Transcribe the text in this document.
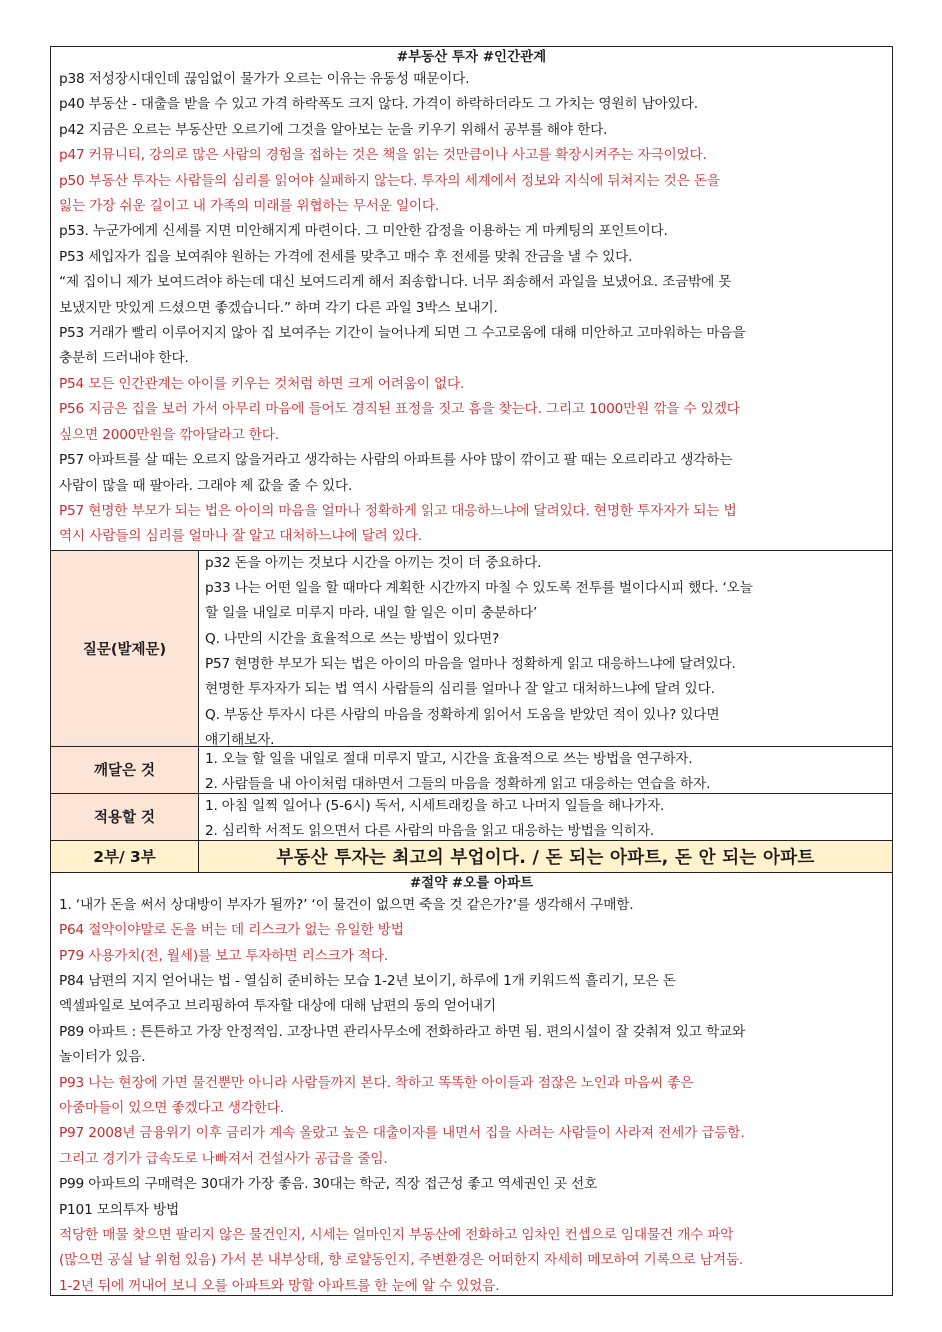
#부동산 투자 #인간관계
p38 저성장시대인데 끊임없이 물가가 오르는 이유는 유동성 때문이다.
p40 부동산 - 대출을 받을 수 있고 가격 하락폭도 크지 않다. 가격이 하락하더라도 그 가치는 영원히 남아있다.
p42 지금은 오르는 부동산만 오르기에 그것을 알아보는 눈을 키우기 위해서 공부를 해야 한다.
p47 커뮤니티, 강의로 많은 사람의 경험을 접하는 것은 책을 읽는 것만큼이나 사고를 확장시켜주는 자극이었다.
p50 부동산 투자는 사람들의 심리를 읽어야 실패하지 않는다. 투자의 세계에서 정보와 지식에 뒤쳐지는 것은 돈을
잃는 가장 쉬운 길이고 내 가족의 미래를 위협하는 무서운 일이다.
p53. 누군가에게 신세를 지면 미안해지게 마련이다. 그 미안한 감정을 이용하는 게 마케팅의 포인트이다.
P53 세입자가 집을 보여줘야 원하는 가격에 전세를 맞추고 매수 후 전세를 맞춰 잔금을 낼 수 있다.
“제 집이니 제가 보여드려야 하는데 대신 보여드리게 해서 죄송합니다. 너무 죄송해서 과일을 보냈어요. 조금밖에 못
보냈지만 맛있게 드셨으면 좋겠습니다.” 하며 각기 다른 과일 3박스 보내기.
P53 거래가 빨리 이루어지지 않아 집 보여주는 기간이 늘어나게 되면 그 수고로움에 대해 미안하고 고마워하는 마음을
충분히 드러내야 한다.
P54 모든 인간관계는 아이를 키우는 것처럼 하면 크게 어려움이 없다.
P56 지금은 집을 보러 가서 아무리 마음에 들어도 경직된 표정을 짓고 흠을 찾는다. 그리고 1000만원 깎을 수 있겠다
싶으면 2000만원을 깎아달라고 한다.
P57 아파트를 살 때는 오르지 않을거라고 생각하는 사람의 아파트를 사야 많이 깎이고 팔 때는 오르리라고 생각하는
사람이 많을 때 팔아라. 그래야 제 값을 줄 수 있다.
P57 현명한 부모가 되는 법은 아이의 마음을 얼마나 정확하게 읽고 대응하느냐에 달려있다. 현명한 투자자가 되는 법
역시 사람들의 심리를 얼마나 잘 알고 대처하느냐에 달려 있다.
질문(발제문)
p32 돈을 아끼는 것보다 시간을 아끼는 것이 더 중요하다.
p33 나는 어떤 일을 할 때마다 계획한 시간까지 마칠 수 있도록 전투를 벌이다시피 했다. ‘오늘
할 일을 내일로 미루지 마라. 내일 할 일은 이미 충분하다’
Q. 나만의 시간을 효율적으로 쓰는 방법이 있다면?
P57 현명한 부모가 되는 법은 아이의 마음을 얼마나 정확하게 읽고 대응하느냐에 달려있다.
현명한 투자자가 되는 법 역시 사람들의 심리를 얼마나 잘 알고 대처하느냐에 달려 있다.
Q. 부동산 투자시 다른 사람의 마음을 정확하게 읽어서 도움을 받았던 적이 있나? 있다면
얘기해보자.
깨달은 것
1. 오늘 할 일을 내일로 절대 미루지 말고, 시간을 효율적으로 쓰는 방법을 연구하자.
2. 사람들을 내 아이처럼 대하면서 그들의 마음을 정확하게 읽고 대응하는 연습을 하자.
적용할 것
1. 아침 일찍 일어나 (5-6시) 독서, 시세트래킹을 하고 나머지 일들을 해나가자.
2. 심리학 서적도 읽으면서 다른 사람의 마음을 읽고 대응하는 방법을 익히자.
2부/ 3부	부동산 투자는 최고의 부업이다. / 돈 되는 아파트, 돈 안 되는 아파트
#절약 #오를 아파트
1. ‘내가 돈을 써서 상대방이 부자가 될까?’ ‘이 물건이 없으면 죽을 것 같은가?’를 생각해서 구매함.
P64 절약이야말로 돈을 버는 데 리스크가 없는 유일한 방법
P79 사용가치(전, 월세)를 보고 투자하면 리스크가 적다.
P84 남편의 지지 얻어내는 법 - 열심히 준비하는 모습 1-2년 보이기, 하루에 1개 키워드씩 흘리기, 모은 돈
엑셀파일로 보여주고 브리핑하여 투자할 대상에 대해 남편의 동의 얻어내기
P89 아파트 : 튼튼하고 가장 안정적임. 고장나면 관리사무소에 전화하라고 하면 됨. 편의시설이 잘 갖춰져 있고 학교와
놀이터가 있음.
P93 나는 현장에 가면 물건뿐만 아니라 사람들까지 본다. 착하고 똑똑한 아이들과 점잖은 노인과 마음씨 좋은
아줌마들이 있으면 좋겠다고 생각한다.
P97 2008년 금융위기 이후 금리가 계속 올랐고 높은 대출이자를 내면서 집을 사려는 사람들이 사라져 전세가 급등함.
그리고 경기가 급속도로 나빠져서 건설사가 공급을 줄임.
P99 아파트의 구매력은 30대가 가장 좋음. 30대는 학군, 직장 접근성 좋고 역세권인 곳 선호
P101 모의투자 방법
적당한 매물 찾으면 팔리지 않은 물건인지, 시세는 얼마인지 부동산에 전화하고 임차인 컨셉으로 임대물건 개수 파악
(많으면 공실 날 위험 있음) 가서 본 내부상태, 향 로얄동인지, 주변환경은 어떠한지 자세히 메모하여 기록으로 남겨둠.
1-2년 뒤에 꺼내어 보니 오를 아파트와 망할 아파트를 한 눈에 알 수 있었음.
